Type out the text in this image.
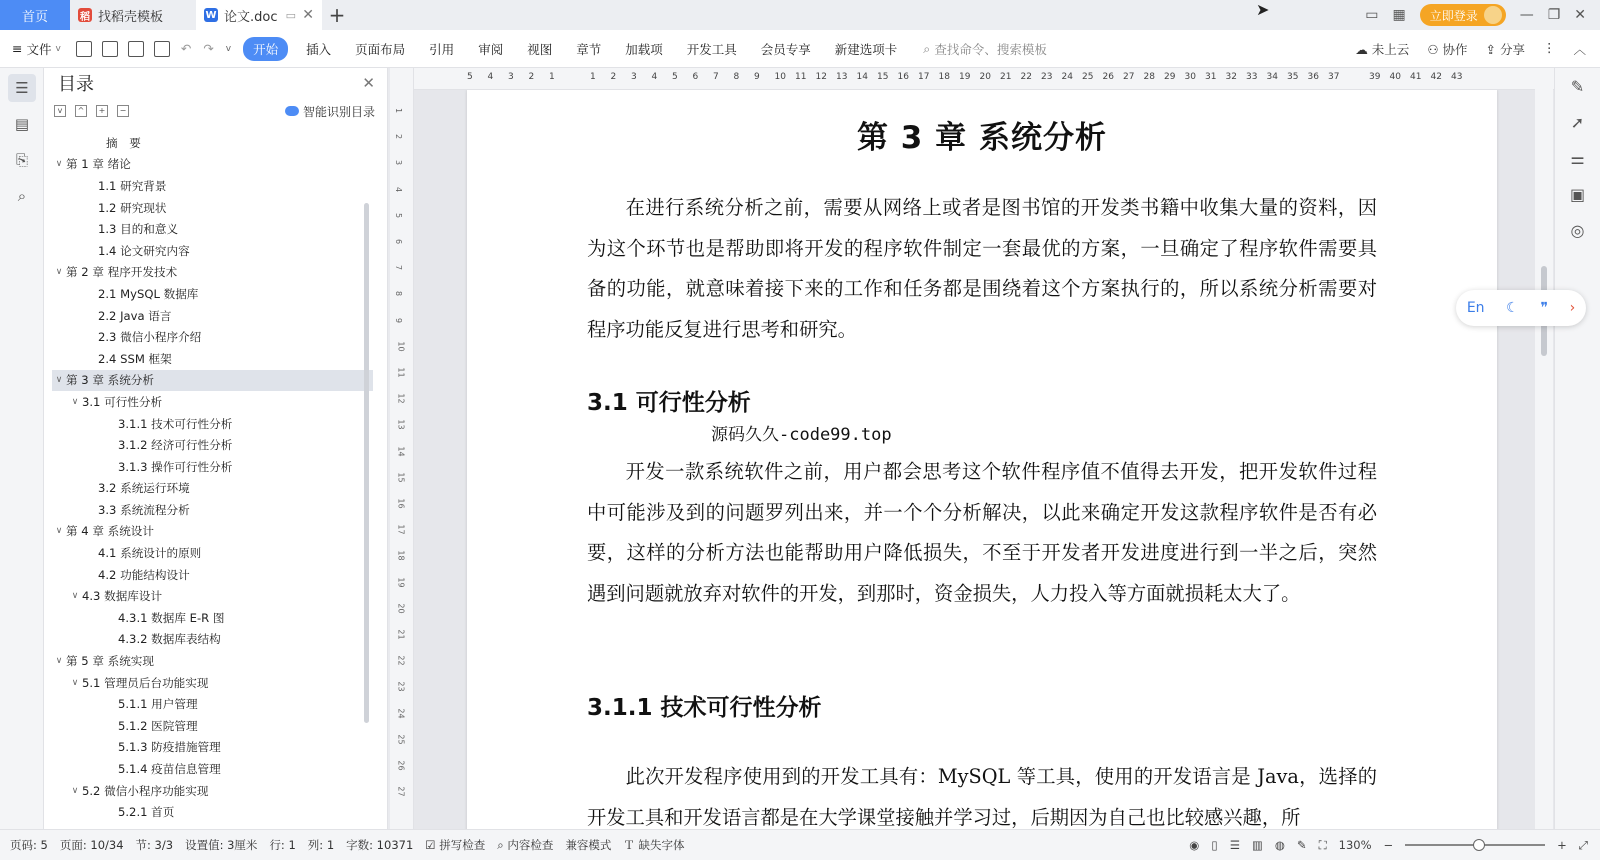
首页	稻 找稻壳模板	W 论文.doc ▭ ✕ +	▭ ▦ 立即登录	— ❐ ✕
➤
≡ 文件 v	↶ ↷ v	开始	插入 页面布局 引用 审阅 视图 章节 加载项 开发工具 会员专享 新建选项卡 ⌕ 查找命令、搜索模板	☁ 未上云 ⚇ 协作 ⇪ 分享 ⋮ ︿
☰
▤
⎘
⌕
目录	✕
v	^	+	−	智能识别目录
摘　要
∨ 第 1 章 绪论
1.1 研究背景
1.2 研究现状
1.3 目的和意义
1.4 论文研究内容
∨ 第 2 章 程序开发技术
2.1 MySQL 数据库
2.2 Java 语言
2.3 微信小程序介绍
2.4 SSM 框架
∨ 第 3 章 系统分析
∨ 3.1 可行性分析
3.1.1 技术可行性分析
3.1.2 经济可行性分析
3.1.3 操作可行性分析
3.2 系统运行环境
3.3 系统流程分析
∨ 第 4 章 系统设计
4.1 系统设计的原则
4.2 功能结构设计
∨ 4.3 数据库设计
4.3.1 数据库 E-R 图
4.3.2 数据库表结构
∨ 第 5 章 系统实现
∨ 5.1 管理员后台功能实现
5.1.1 用户管理
5.1.2 医院管理
5.1.3 防疫措施管理
5.1.4 疫苗信息管理
∨ 5.2 微信小程序功能实现
5.2.1 首页
1
2
3
4
5
6
7
8
9
10
11
12
13
14
15
16
17
18
19
20
21
22
23
24
25
26
27
5 4 3 2 1	1 2 3 4 5 6 7 8 9 10 11 12 13 14 15 16 17 18 19 20 21 22 23 24 25 26 27 28 29 30 31 32 33 34 35 36 37	39 40 41 42 43
第 3 章 系统分析
在进行系统分析之前，需要从网络上或者是图书馆的开发类书籍中收集大量的资料，因为这个环节也是帮助即将开发的程序软件制定一套最优的方案，一旦确定了程序软件需要具备的功能，就意味着接下来的工作和任务都是围绕着这个方案执行的，所以系统分析需要对程序功能反复进行思考和研究。
3.1 可行性分析
源码久久-code99.top
开发一款系统软件之前，用户都会思考这个软件程序值不值得去开发，把开发软件过程中可能涉及到的问题罗列出来，并一个个分析解决，以此来确定开发这款程序软件是否有必要，这样的分析方法也能帮助用户降低损失，不至于开发者开发进度进行到一半之后，突然遇到问题就放弃对软件的开发，到那时，资金损失，人力投入等方面就损耗太大了。
3.1.1 技术可行性分析
此次开发程序使用到的开发工具有：MySQL 等工具，使用的开发语言是 Java，选择的开发工具和开发语言都是在大学课堂接触并学习过，后期因为自己也比较感兴趣，所
✎
➚
⚌
▣
◎
En ☾ ❞ ›
页码: 5 页面: 10/34 节: 3/3 设置值: 3厘米 行: 1 列: 1 字数: 10371 ☑ 拼写检查 ⌕ 内容检查 兼容模式 Ｔ 缺失字体	◉ ▯ ☰ ▥ ◍ ✎ ⛶ 130% −	+ ⤢
